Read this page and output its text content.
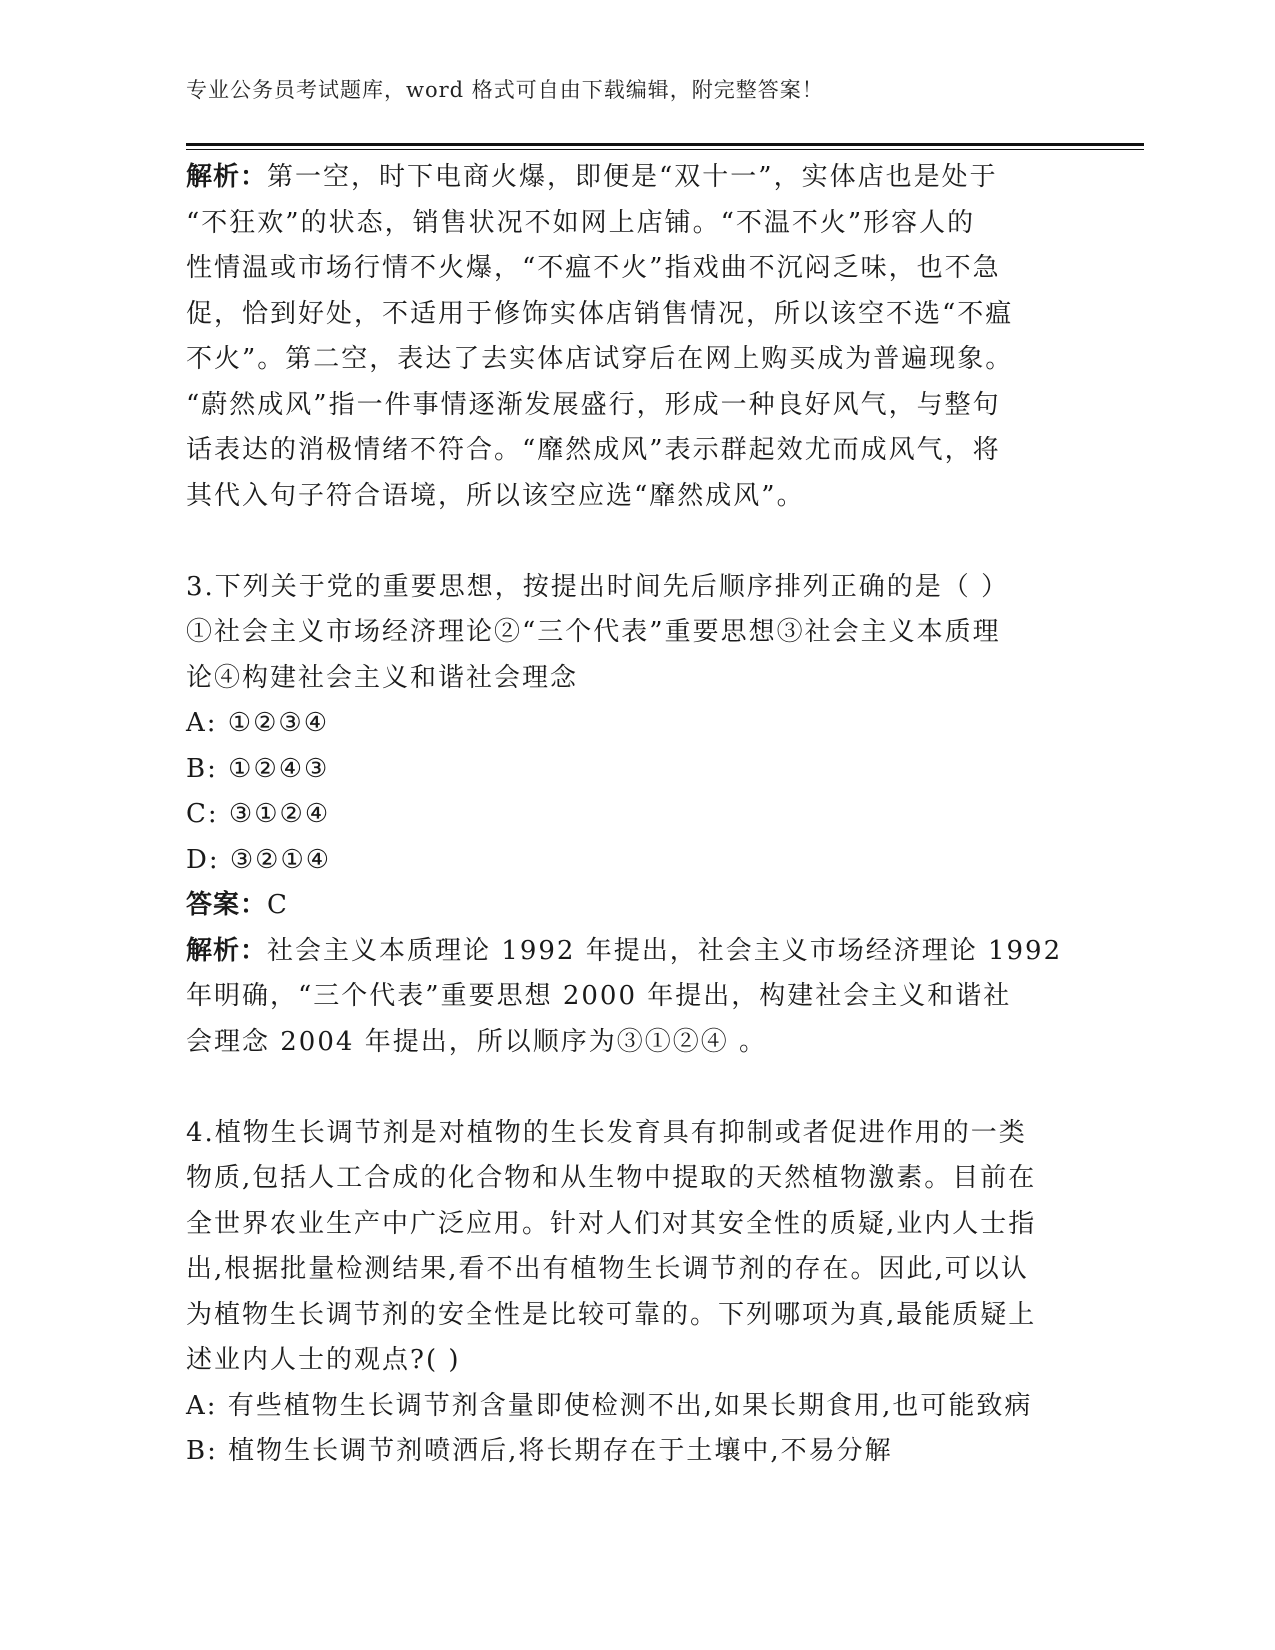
专业公务员考试题库，word 格式可自由下载编辑，附完整答案！
解析：第一空，时下电商火爆，即便是“双十一”，实体店也是处于
“不狂欢”的状态，销售状况不如网上店铺。“不温不火”形容人的
性情温或市场行情不火爆，“不瘟不火”指戏曲不沉闷乏味，也不急
促，恰到好处，不适用于修饰实体店销售情况，所以该空不选“不瘟
不火”。第二空，表达了去实体店试穿后在网上购买成为普遍现象。
“蔚然成风”指一件事情逐渐发展盛行，形成一种良好风气，与整句
话表达的消极情绪不符合。“靡然成风”表示群起效尤而成风气，将
其代入句子符合语境，所以该空应选“靡然成风”。
3.下列关于党的重要思想，按提出时间先后顺序排列正确的是（ ）
①社会主义市场经济理论②“三个代表”重要思想③社会主义本质理
论④构建社会主义和谐社会理念
A: ①②③④
B: ①②④③
C: ③①②④
D: ③②①④
答案：C
解析：社会主义本质理论 1992 年提出，社会主义市场经济理论 1992
年明确，“三个代表”重要思想 2000 年提出，构建社会主义和谐社
会理念 2004 年提出，所以顺序为③①②④ 。
4.植物生长调节剂是对植物的生长发育具有抑制或者促进作用的一类
物质,包括人工合成的化合物和从生物中提取的天然植物激素。目前在
全世界农业生产中广泛应用。针对人们对其安全性的质疑,业内人士指
出,根据批量检测结果,看不出有植物生长调节剂的存在。因此,可以认
为植物生长调节剂的安全性是比较可靠的。下列哪项为真,最能质疑上
述业内人士的观点?( )
A: 有些植物生长调节剂含量即使检测不出,如果长期食用,也可能致病
B: 植物生长调节剂喷洒后,将长期存在于土壤中,不易分解
